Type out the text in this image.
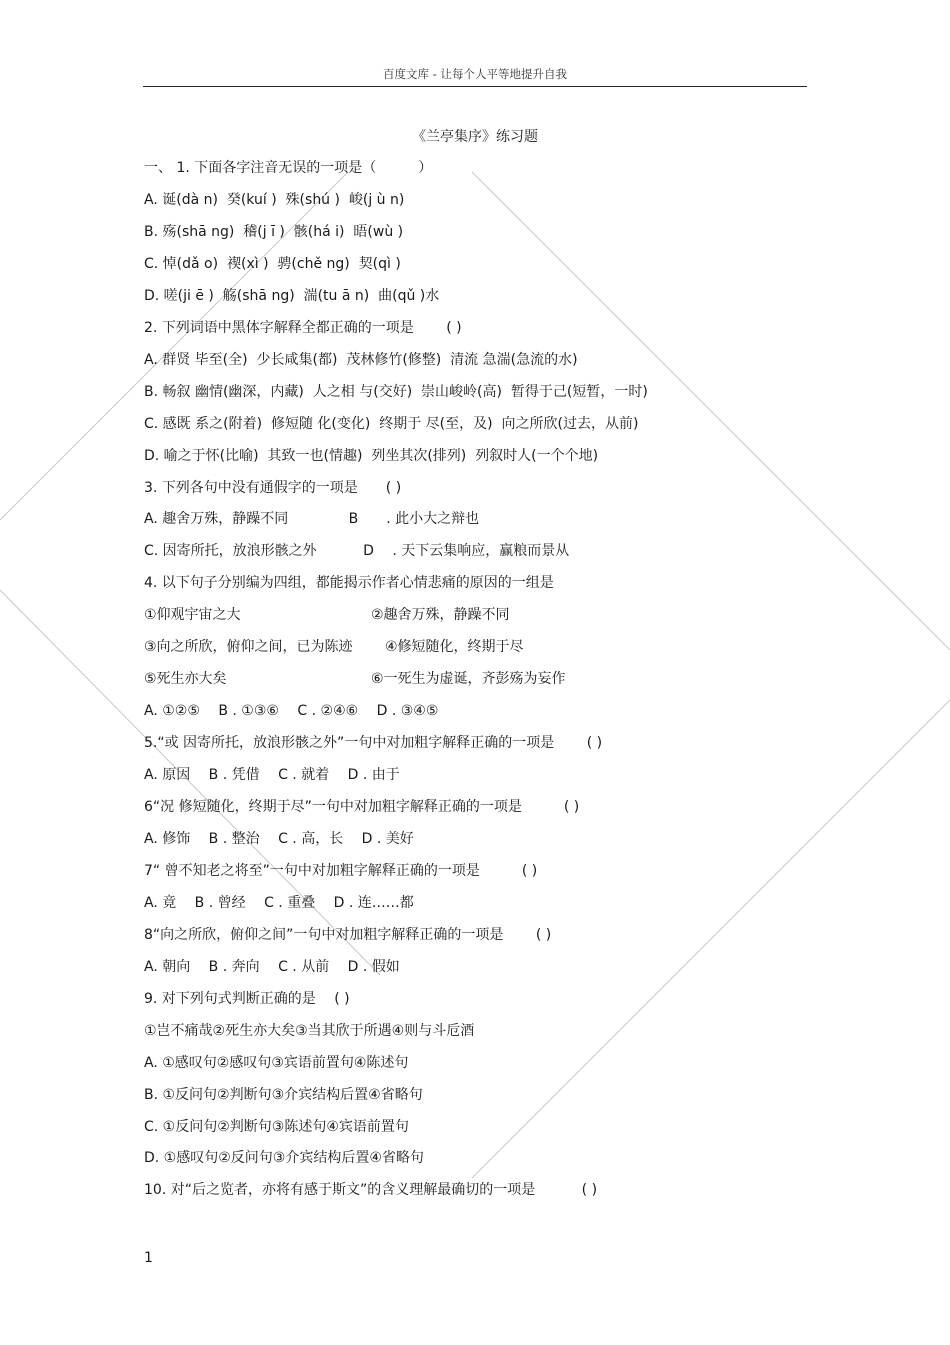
百度文库 - 让每个人平等地提升自我
《兰亭集序》练习题
一、 1. 下面各字注音无误的一项是（　　　）
A. 诞(dà n)  癸(kuí )  殊(shú )  峻(j ù n)
B. 殇(shā ng)  稽(j ī )  骸(há i)  晤(wù )
C. 悼(dǎ o)  禊(xì )  骋(chě ng)  契(qì )
D. 嗟(ji ē )  觞(shā ng)  湍(tu ā n)  曲(qǔ )水
2. 下列词语中黑体字解释全都正确的一项是　　 ( )
A. 群贤 毕至(全)  少长咸集(都)  茂林修竹(修整)  清流 急湍(急流的水)
B. 畅叙 幽情(幽深，内藏)  人之相 与(交好)  崇山峻岭(高)  暂得于己(短暂，一时)
C. 感既 系之(附着)  修短随 化(变化)  终期于 尽(至，及)  向之所欣(过去，从前)
D. 喻之于怀(比喻)  其致一也(情趣)  列坐其次(排列)  列叙时人(一个个地)
3. 下列各句中没有通假字的一项是　　( )
A. 趣舍万殊，静躁不同　　　　 B　　. 此小大之辩也
C. 因寄所托，放浪形骸之外　　　 D　 . 天下云集响应，赢粮而景从
4. 以下句子分别编为四组，都能揭示作者心情悲痛的原因的一组是
①仰观宇宙之大　　　　　　　　　 ②趣舍万殊，静躁不同
③向之所欣，俯仰之间，已为陈迹　　 ④修短随化，终期于尽
⑤死生亦大矣　　　　　　　　　　 ⑥一死生为虚诞，齐彭殇为妄作
A. ①②⑤　 B . ①③⑥　 C . ②④⑥　 D . ③④⑤
5.“或 因寄所托，放浪形骸之外”一句中对加粗字解释正确的一项是　　 ( )
A. 原因　 B . 凭借　 C . 就着　 D . 由于
6“况 修短随化，终期于尽”一句中对加粗字解释正确的一项是　　　( )
A. 修饰　 B . 整治　 C . 高，长　 D . 美好
7“ 曾不知老之将至”一句中对加粗字解释正确的一项是　　　( )
A. 竟　 B . 曾经　 C . 重叠　 D . 连……都
8“向之所欣，俯仰之间”一句中对加粗字解释正确的一项是　　 ( )
A. 朝向　 B . 奔向　 C . 从前　 D . 假如
9. 对下列句式判断正确的是　 ( )
①岂不痛哉②死生亦大矣③当其欣于所遇④则与斗卮酒
A. ①感叹句②感叹句③宾语前置句④陈述句
B. ①反问句②判断句③介宾结构后置④省略句
C. ①反问句②判断句③陈述句④宾语前置句
D. ①感叹句②反问句③介宾结构后置④省略句
10. 对“后之览者，亦将有感于斯文”的含义理解最确切的一项是　　　 ( )
1
